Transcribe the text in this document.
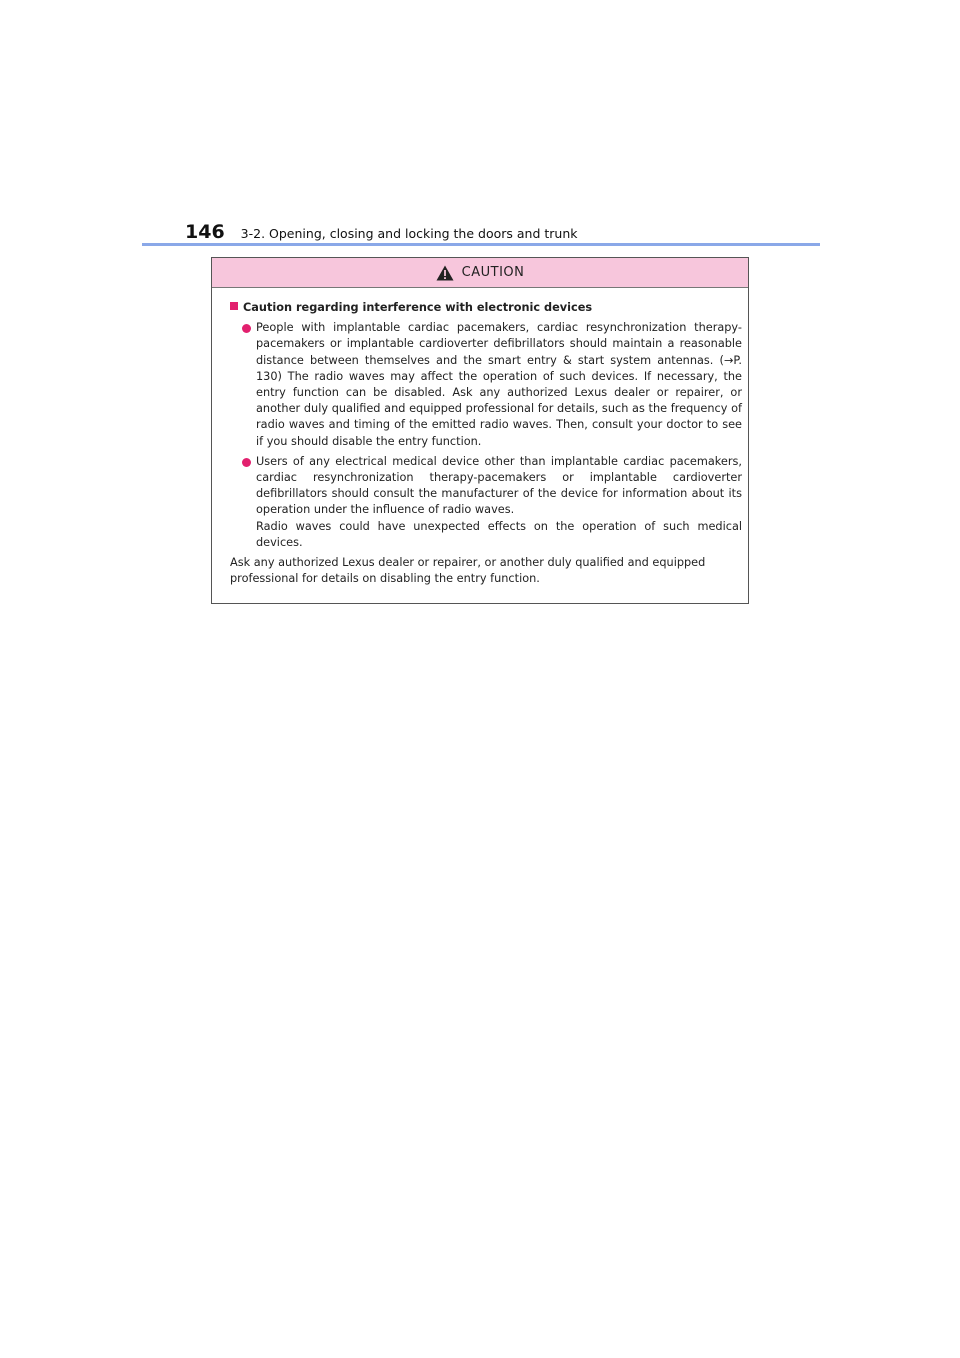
146 3-2. Opening, closing and locking the doors and trunk
CAUTION
Caution regarding interference with electronic devices

People with implantable cardiac pacemakers, cardiac resynchronization therapy-pacemakers or implantable cardioverter defibrillators should maintain a reasonable distance between themselves and the smart entry & start system antennas. (→P. 130) The radio waves may affect the operation of such devices. If necessary, the entry function can be disabled. Ask any authorized Lexus dealer or repairer, or another duly qualified and equipped professional for details, such as the frequency of radio waves and timing of the emitted radio waves. Then, consult your doctor to see if you should disable the entry function.

Users of any electrical medical device other than implantable cardiac pacemakers, cardiac resynchronization therapy-pacemakers or implantable cardioverter defibrillators should consult the manufacturer of the device for information about its operation under the influence of radio waves.

Radio waves could have unexpected effects on the operation of such medical devices.

Ask any authorized Lexus dealer or repairer, or another duly qualified and equipped professional for details on disabling the entry function.
